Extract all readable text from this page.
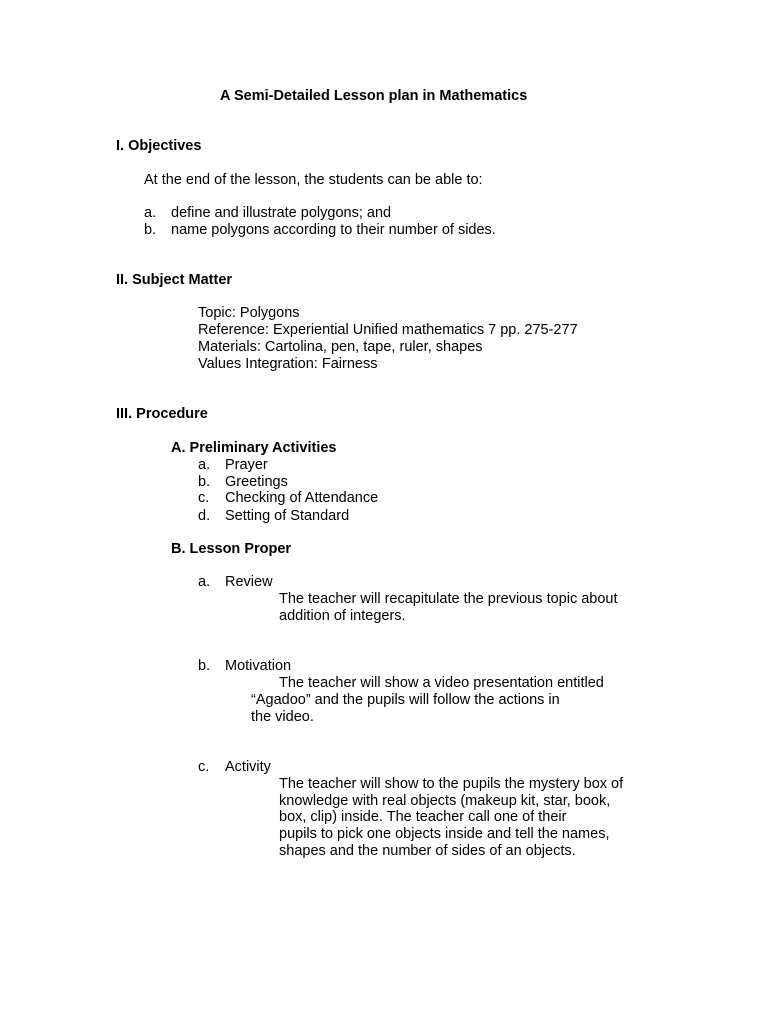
A Semi-Detailed Lesson plan in Mathematics
I. Objectives
At the end of the lesson, the students can be able to:
a. define and illustrate polygons; and
b. name polygons according to their number of sides.
II. Subject Matter
Topic: Polygons
Reference: Experiential Unified mathematics 7 pp. 275-277
Materials: Cartolina, pen, tape, ruler, shapes
Values Integration: Fairness
III. Procedure
A. Preliminary Activities
a. Prayer
b. Greetings
c. Checking of Attendance
d. Setting of Standard
B. Lesson Proper
a. Review
The teacher will recapitulate the previous topic about
addition of integers.
b. Motivation
The teacher will show a video presentation entitled
“Agadoo” and the pupils will follow the actions in
the video.
c. Activity
The teacher will show to the pupils the mystery box of
knowledge with real objects (makeup kit, star, book,
box, clip) inside. The teacher call one of their
pupils to pick one objects inside and tell the names,
shapes and the number of sides of an objects.
